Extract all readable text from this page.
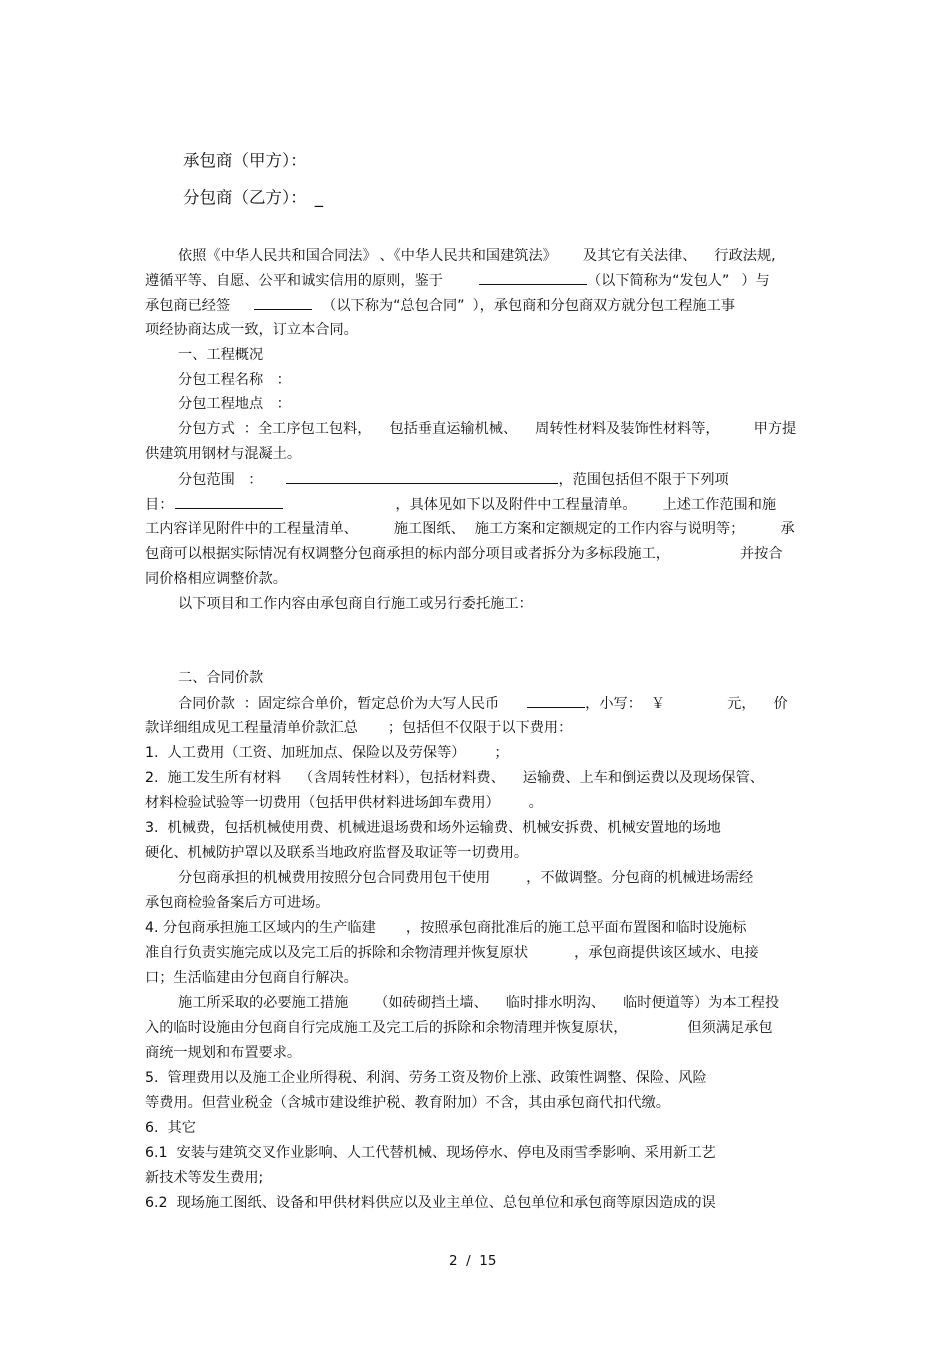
承包商（甲方）：
分包商（乙方）： _
依照《中华人民共和国合同法》 、《中华人民共和国建筑法》 及其它有关法律、 行政法规,
遵循平等、自愿、公平和诚实信用的原则，鉴于	（以下简称为“发包人” ）与
承包商已经签	（以下称为“总包合同” ），承包商和分包商双方就分包工程施工事
项经协商达成一致，订立本合同。
一、工程概况
分包工程名称   ：
分包工程地点   ：
分包方式  ：全工序包工包料， 包括垂直运输机械、 周转性材料及装饰性材料等， 甲方提
供建筑用钢材与混凝土。
分包范围   ：	，范围包括但不限于下列项
目：	，具体见如下以及附件中工程量清单。 上述工作范围和施
工内容详见附件中的工程量清单、	施工图纸、 施工方案和定额规定的工作内容与说明等；	承
包商可以根据实际情况有权调整分包商承担的标内部分项目或者拆分为多标段施工，	并按合
同价格相应调整价款。
以下项目和工作内容由承包商自行施工或另行委托施工：
二、合同价款
合同价款  ：固定综合单价，暂定总价为大写人民币	，小写：  ￥	元， 价
款详细组成见工程量清单价款汇总 ；包括但不仅限于以下费用：
1.  人工费用（工资、加班加点、保险以及劳保等）	；
2.  施工发生所有材料 （含周转性材料），包括材料费、 运输费、上车和倒运费以及现场保管、
材料检验试验等一切费用（包括甲供材料进场卸车费用）	。
3.  机械费，包括机械使用费、机械进退场费和场外运输费、机械安拆费、机械安置地的场地
硬化、机械防护罩以及联系当地政府监督及取证等一切费用。
分包商承担的机械费用按照分包合同费用包干使用	，不做调整。分包商的机械进场需经
承包商检验备案后方可进场。
4. 分包商承担施工区域内的生产临建 ，按照承包商批准后的施工总平面布置图和临时设施标
准自行负责实施完成以及完工后的拆除和余物清理并恢复原状	，承包商提供该区域水、电接
口；生活临建由分包商自行解决。
施工所采取的必要施工措施 （如砖砌挡土墙、 临时排水明沟、 临时便道等）为本工程投
入的临时设施由分包商自行完成施工及完工后的拆除和余物清理并恢复原状，	但须满足承包
商统一规划和布置要求。
5.  管理费用以及施工企业所得税、利润、劳务工资及物价上涨、政策性调整、保险、风险
等费用。但营业税金（含城市建设维护税、教育附加）不含，其由承包商代扣代缴。
6.  其它
6.1  安装与建筑交叉作业影响、人工代替机械、现场停水、停电及雨雪季影响、采用新工艺
新技术等发生费用;
6.2  现场施工图纸、设备和甲供材料供应以及业主单位、总包单位和承包商等原因造成的误
2  /  15
